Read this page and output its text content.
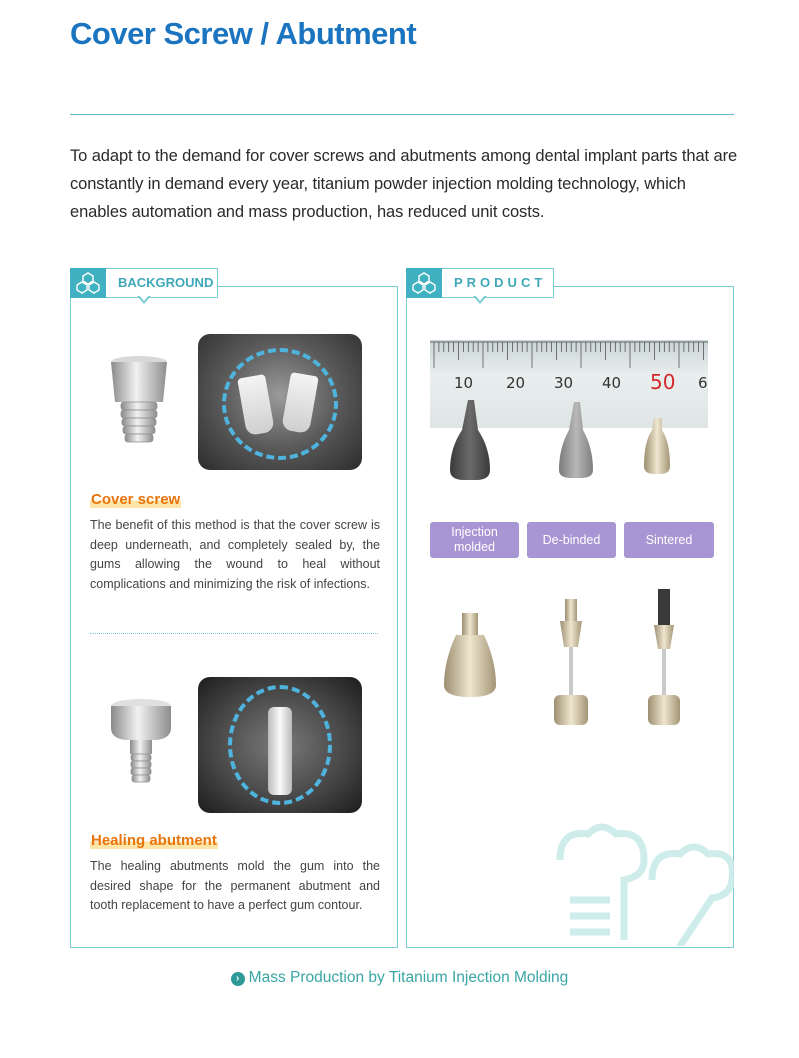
Cover Screw / Abutment

To adapt to the demand for cover screws and abutments among dental implant parts that are constantly in demand every year, titanium powder injection molding technology, which enables automation and mass production, has reduced unit costs.

BACKGROUND
Cover screw

The benefit of this method is that the cover screw is deep underneath, and completely sealed by, the gums allowing the wound to heal without complications and minimizing the risk of infections.

Healing abutment

The healing abutments mold the gum into the desired shape for the permanent abutment and tooth replacement to have a perfect gum contour.

PRODUCT
10 20 30 40 50 6
Injection molded
De-binded	Sintered
› Mass Production by Titanium Injection Molding
